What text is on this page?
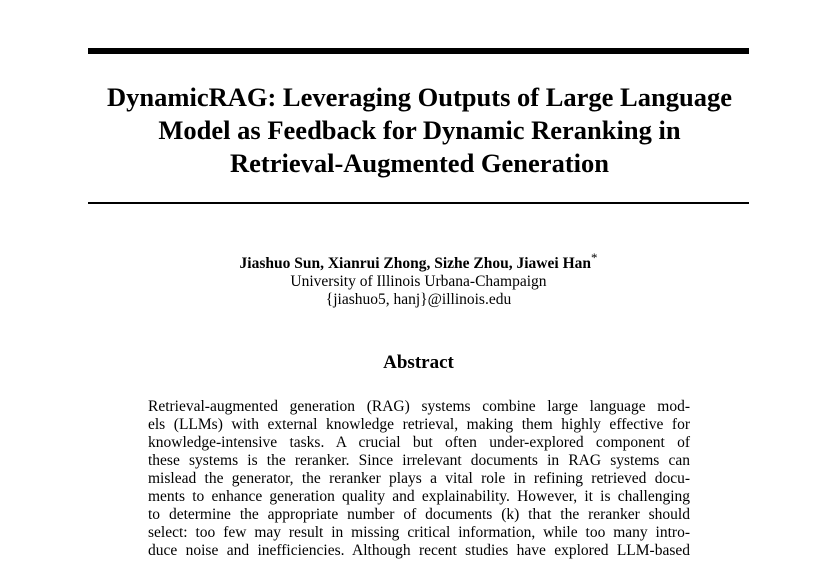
DynamicRAG: Leveraging Outputs of Large Language
Model as Feedback for Dynamic Reranking in
Retrieval-Augmented Generation
Jiashuo Sun, Xianrui Zhong, Sizhe Zhou, Jiawei Han*
University of Illinois Urbana-Champaign
{jiashuo5, hanj}@illinois.edu
Abstract
Retrieval-augmented generation (RAG) systems combine large language mod-
els (LLMs) with external knowledge retrieval, making them highly effective for
knowledge-intensive tasks. A crucial but often under-explored component of
these systems is the reranker. Since irrelevant documents in RAG systems can
mislead the generator, the reranker plays a vital role in refining retrieved docu-
ments to enhance generation quality and explainability. However, it is challenging
to determine the appropriate number of documents (k) that the reranker should
select: too few may result in missing critical information, while too many intro-
duce noise and inefficiencies. Although recent studies have explored LLM-based
